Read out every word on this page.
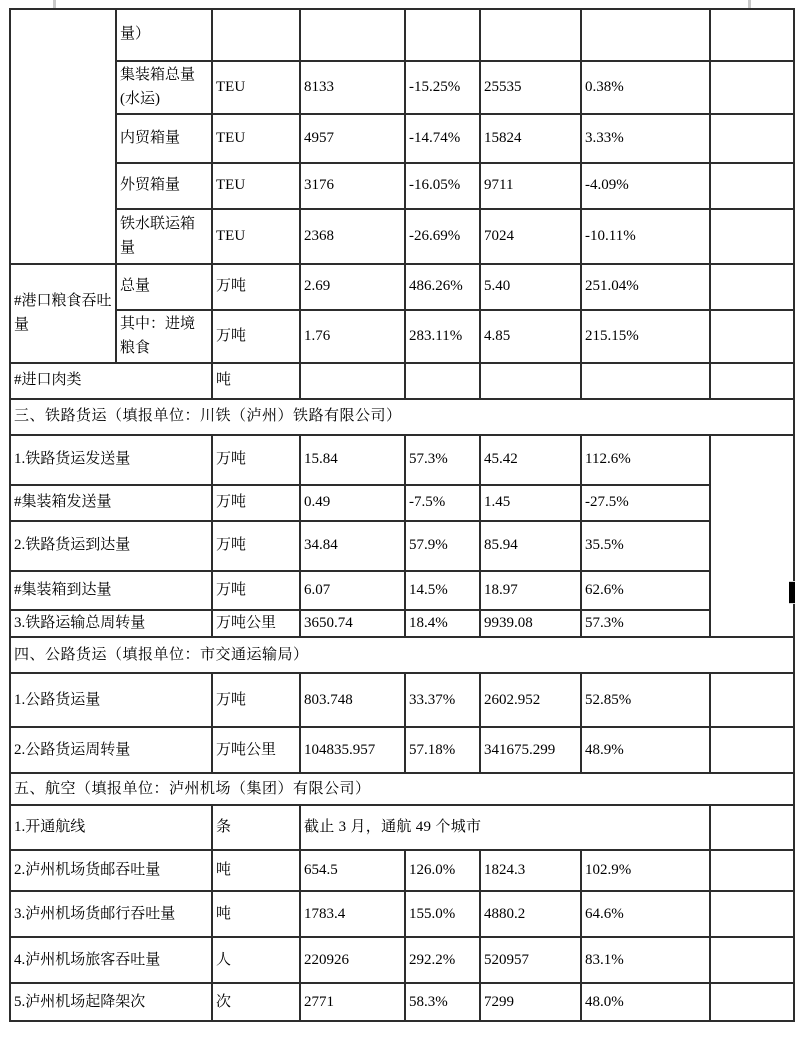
	量）						
	集装箱总量(水运)	TEU	8133	-15.25%	25535	0.38%	
	内贸箱量	TEU	4957	-14.74%	15824	3.33%	
	外贸箱量	TEU	3176	-16.05%	9711	-4.09%	
	铁水联运箱量	TEU	2368	-26.69%	7024	-10.11%	
#港口粮食吞吐量	总量	万吨	2.69	486.26%	5.40	251.04%	
	其中：进境粮食	万吨	1.76	283.11%	4.85	215.15%	
#进口肉类		吨					
三、铁路货运（填报单位：川铁（泸州）铁路有限公司）							
1.铁路货运发送量		万吨	15.84	57.3%	45.42	112.6%	
#集装箱发送量		万吨	0.49	-7.5%	1.45	-27.5%	
2.铁路货运到达量		万吨	34.84	57.9%	85.94	35.5%	
#集装箱到达量		万吨	6.07	14.5%	18.97	62.6%	
3.铁路运输总周转量		万吨公里	3650.74	18.4%	9939.08	57.3%	
四、公路货运（填报单位：市交通运输局）							
1.公路货运量		万吨	803.748	33.37%	2602.952	52.85%	
2.公路货运周转量		万吨公里	104835.957	57.18%	341675.299	48.9%	
五、航空（填报单位：泸州机场（集团）有限公司）							
1.开通航线		条	截止 3 月，通航 49 个城市				
2.泸州机场货邮吞吐量		吨	654.5	126.0%	1824.3	102.9%	
3.泸州机场货邮行吞吐量		吨	1783.4	155.0%	4880.2	64.6%	
4.泸州机场旅客吞吐量		人	220926	292.2%	520957	83.1%	
5.泸州机场起降架次		次	2771	58.3%	7299	48.0%	
